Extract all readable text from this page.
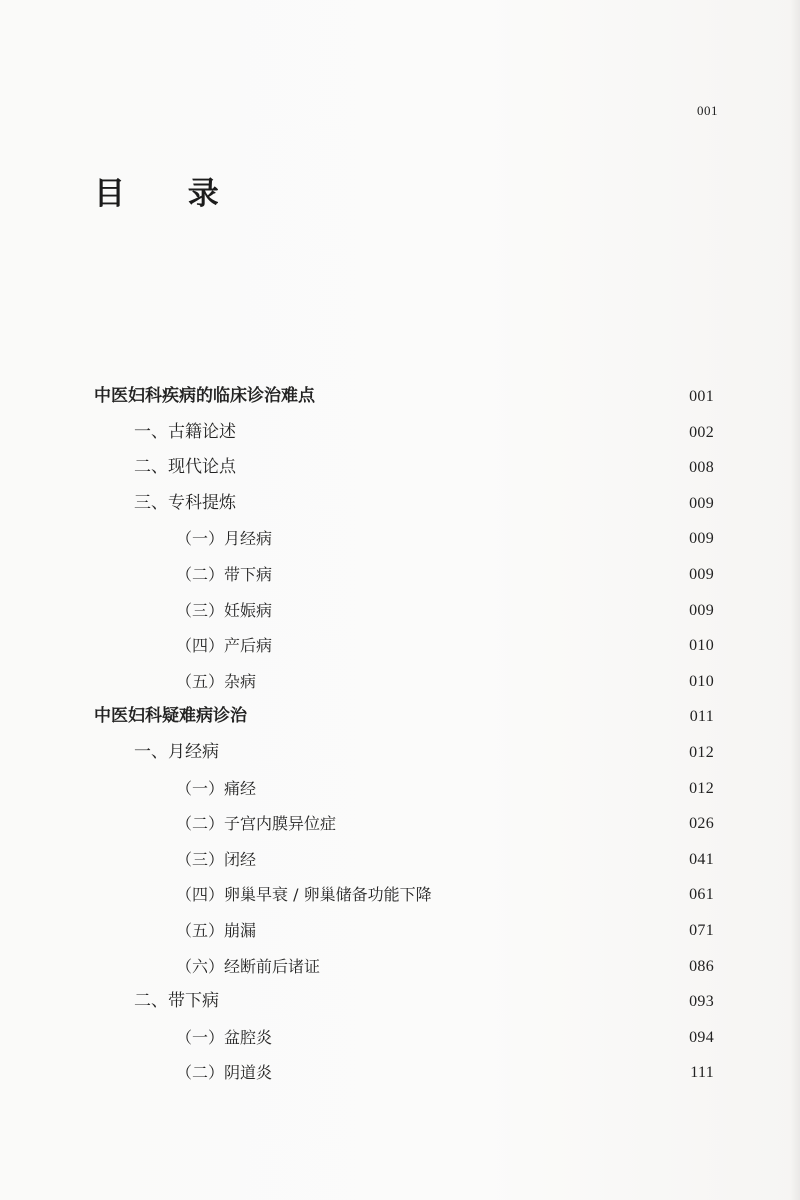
001
目 录
中医妇科疾病的临床诊治难点	001
一、古籍论述	002
二、现代论点	008
三、专科提炼	009
（一）月经病	009
（二）带下病	009
（三）妊娠病	009
（四）产后病	010
（五）杂病	010
中医妇科疑难病诊治	011
一、月经病	012
（一）痛经	012
（二）子宫内膜异位症	026
（三）闭经	041
（四）卵巢早衰 / 卵巢储备功能下降	061
（五）崩漏	071
（六）经断前后诸证	086
二、带下病	093
（一）盆腔炎	094
（二）阴道炎	111
